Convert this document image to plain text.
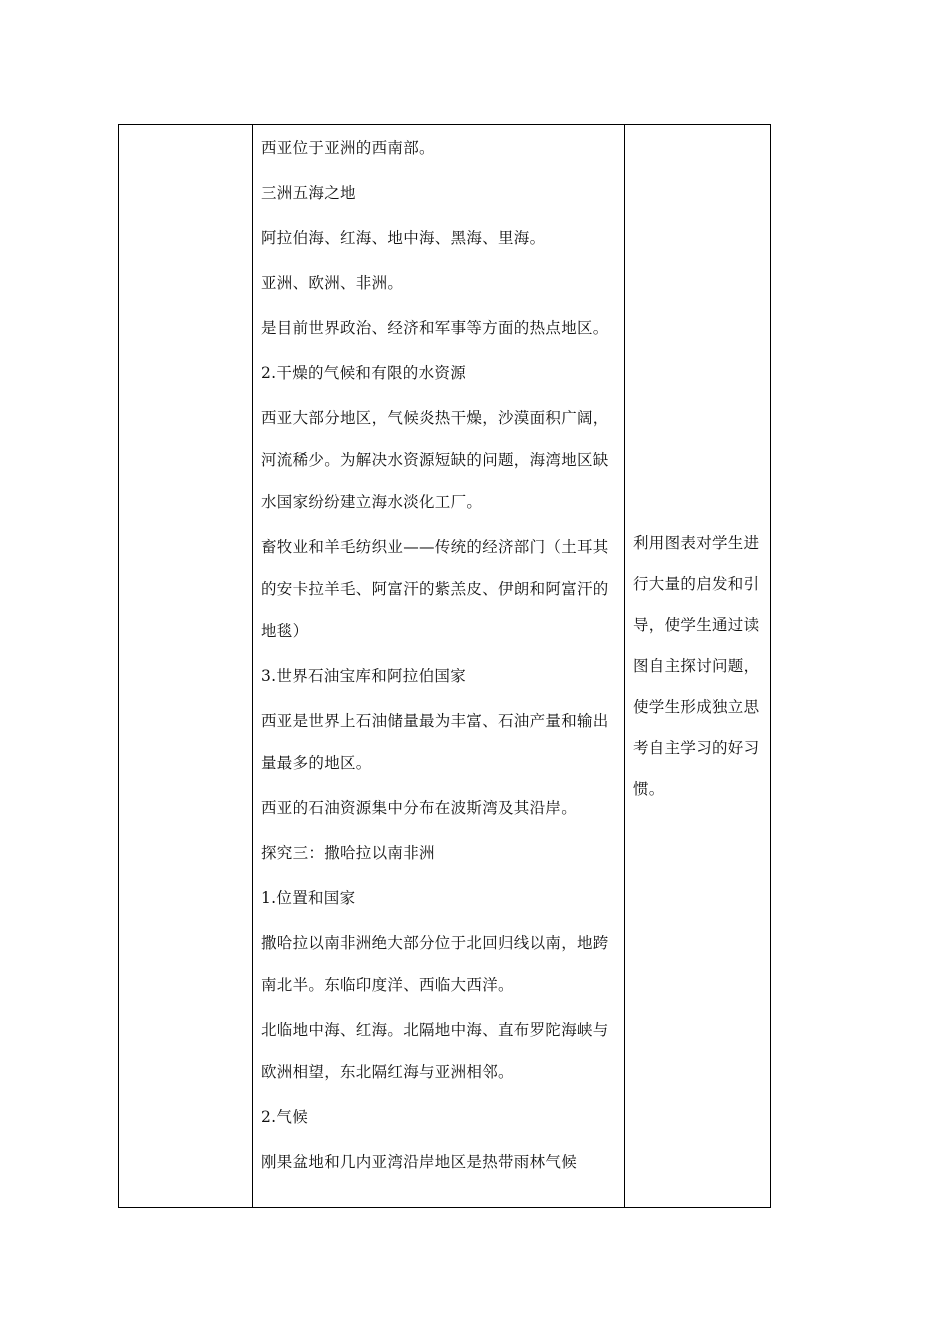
西亚位于亚洲的西南部。

三洲五海之地

阿拉伯海、红海、地中海、黑海、里海。

亚洲、欧洲、非洲。

是目前世界政治、经济和军事等方面的热点地区。

2.干燥的气候和有限的水资源

西亚大部分地区，气候炎热干燥，沙漠面积广阔，河流稀少。为解决水资源短缺的问题，海湾地区缺水国家纷纷建立海水淡化工厂。

畜牧业和羊毛纺织业——传统的经济部门（土耳其的安卡拉羊毛、阿富汗的紫羔皮、伊朗和阿富汗的地毯）

3.世界石油宝库和阿拉伯国家

西亚是世界上石油储量最为丰富、石油产量和输出量最多的地区。

西亚的石油资源集中分布在波斯湾及其沿岸。

探究三：撒哈拉以南非洲

1.位置和国家

撒哈拉以南非洲绝大部分位于北回归线以南，地跨南北半。东临印度洋、西临大西洋。

北临地中海、红海。北隔地中海、直布罗陀海峡与欧洲相望，东北隔红海与亚洲相邻。

2.气候

刚果盆地和几内亚湾沿岸地区是热带雨林气候

利用图表对学生进行大量的启发和引导，使学生通过读图自主探讨问题，使学生形成独立思考自主学习的好习惯。
